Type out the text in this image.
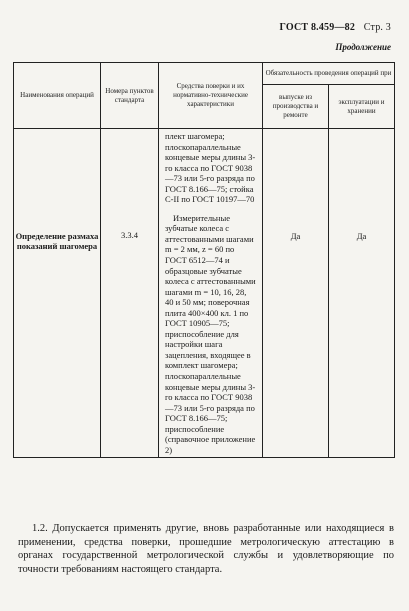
ГОСТ 8.459—82 Стр. 3
Продолжение
Наименования операций	Номера пунктов стандарта	Средства поверки и их нормативно-технические характеристики	Обязательность проведения операций при	
			выпуске из производства и ремонте	эксплуатации и хранении
Определение размаха показаний шагомера	3.3.4	плект шагомера; плоскопараллельные концевые меры длины 3-го класса по ГОСТ 9038—73 или 5-го разряда по ГОСТ 8.166—75; стойка С-II по ГОСТ 10197—70

Измерительные зубчатые колеса с аттестованными шагами m = 2 мм, z = 60 по ГОСТ 6512—74 и образцовые зубчатые колеса с аттестованными шагами m = 10, 16, 28, 40 и 50 мм; поверочная плита 400×400 кл. 1 по ГОСТ 10905—75; приспособление для настройки шага зацепления, входящее в комплект шагомера; плоскопараллельные концевые меры длины 3-го класса по ГОСТ 9038—73 или 5-го разряда по ГОСТ 8.166—75; приспособление (справочное приложение 2)	Да	Да
1.2. Допускается применять другие, вновь разработанные или находящиеся в применении, средства поверки, прошедшие метрологическую аттестацию в органах государственной метрологической службы и удовлетворяющие по точности требованиям настоящего стандарта.
